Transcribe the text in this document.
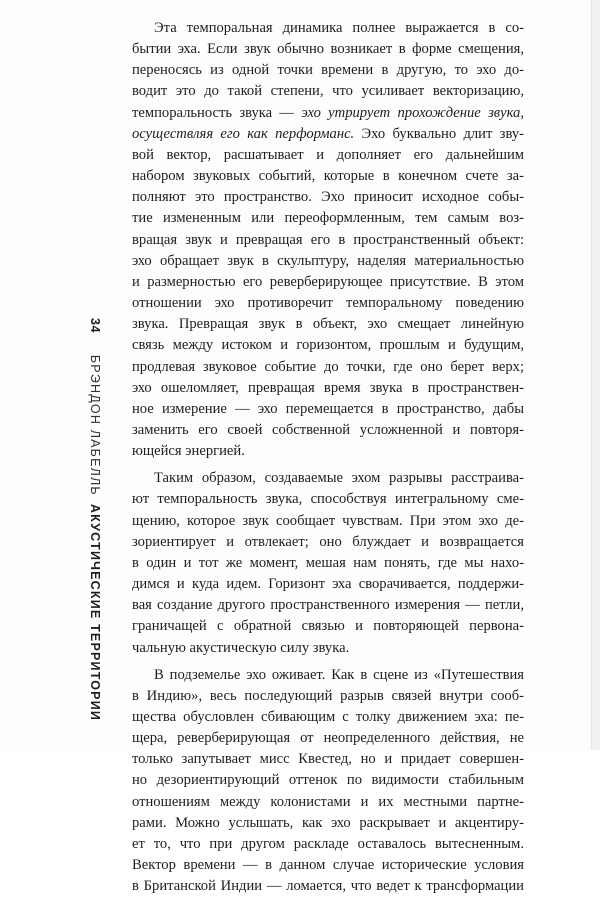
34БРЭНДОН ЛАБЕЛЛЬАКУСТИЧЕСКИЕ ТЕРРИТОРИИ

Эта темпоральная динамика полнее выражается в со-
бытии эха. Если звук обычно возникает в форме смещения,
переносясь из одной точки времени в другую, то эхо до-
водит это до такой степени, что усиливает векторизацию,
темпоральность звука — эхо утрирует прохождение звука,
осуществляя его как перформанс. Эхо буквально длит зву-
вой вектор, расшатывает и дополняет его дальнейшим
набором звуковых событий, которые в конечном счете за-
полняют это пространство. Эхо приносит исходное собы-
тие измененным или переоформленным, тем самым воз-
вращая звук и превращая его в пространственный объект:
эхо обращает звук в скульптуру, наделяя материальностью
и размерностью его реверберирующее присутствие. В этом
отношении эхо противоречит темпоральному поведению
звука. Превращая звук в объект, эхо смещает линейную
связь между истоком и горизонтом, прошлым и будущим,
продлевая звуковое событие до точки, где оно берет верх;
эхо ошеломляет, превращая время звука в пространствен-
ное измерение — эхо перемещается в пространство, дабы
заменить его своей собственной усложненной и повторя-
ющейся энергией.

Таким образом, создаваемые эхом разрывы расстраива-
ют темпоральность звука, способствуя интегральному сме-
щению, которое звук сообщает чувствам. При этом эхо де-
зориентирует и отвлекает; оно блуждает и возвращается
в один и тот же момент, мешая нам понять, где мы нахо-
димся и куда идем. Горизонт эха сворачивается, поддержи-
вая создание другого пространственного измерения — петли,
граничащей с обратной связью и повторяющей первона-
чальную акустическую силу звука.

В подземелье эхо оживает. Как в сцене из «Путешествия
в Индию», весь последующий разрыв связей внутри сооб-
щества обусловлен сбивающим с толку движением эха: пе-
щера, реверберирующая от неопределенного действия, не
только запутывает мисс Квестед, но и придает совершен-
но дезориентирующий оттенок по видимости стабильным
отношениям между колонистами и их местными партне-
рами. Можно услышать, как эхо раскрывает и акцентиру-
ет то, что при другом раскладе оставалось вытесненным.
Вектор времени — в данном случае исторические условия
в Британской Индии — ломается, что ведет к трансформации
